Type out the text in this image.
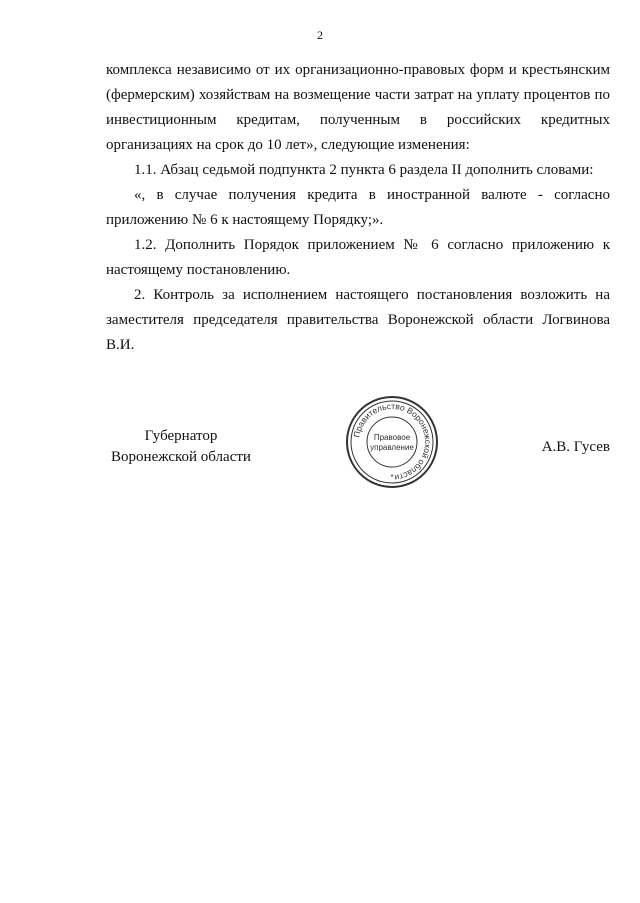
2

комплекса независимо от их организационно-правовых форм и крестьянским (фермерским) хозяйствам на возмещение части затрат на уплату процентов по инвестиционным кредитам, полученным в российских кредитных организациях на срок до 10 лет», следующие изменения:

1.1. Абзац седьмой подпункта 2 пункта 6 раздела II дополнить словами:

«, в случае получения кредита в иностранной валюте - согласно приложению № 6 к настоящему Порядку;».

1.2. Дополнить Порядок приложением № 6 согласно приложению к настоящему постановлению.

2. Контроль за исполнением настоящего постановления возложить на заместителя председателя правительства Воронежской области Логвинова В.И.

Губернатор
Воронежской области
Правительство Воронежской области
Правовое
управление
*
А.В. Гусев
